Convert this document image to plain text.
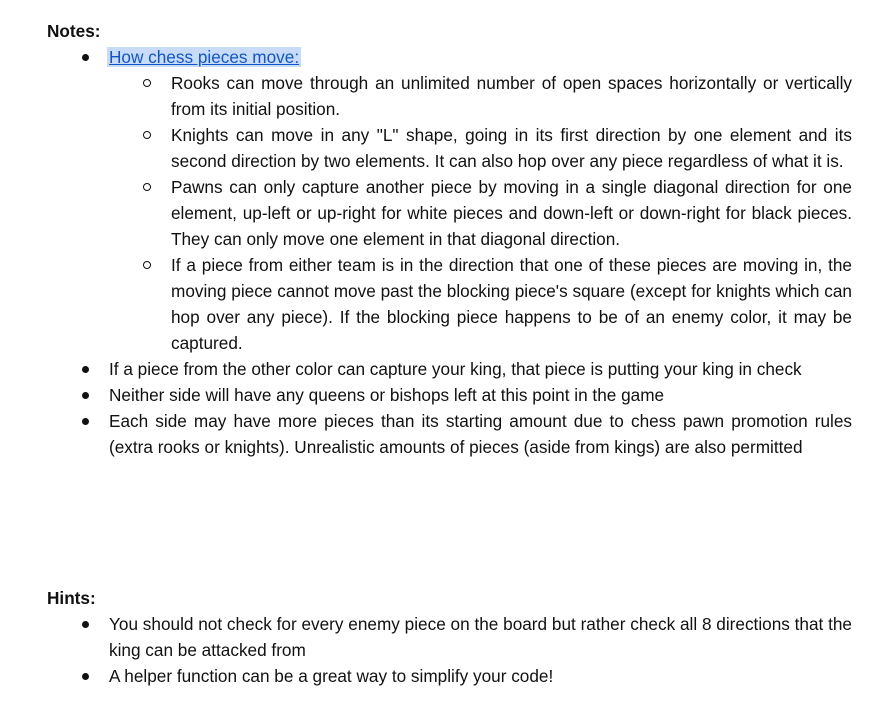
Notes:

How chess pieces move:
Rooks can move through an unlimited number of open spaces horizontally or vertically from its initial position.
Knights can move in any "L" shape, going in its first direction by one element and its second direction by two elements. It can also hop over any piece regardless of what it is.
Pawns can only capture another piece by moving in a single diagonal direction for one element, up-left or up-right for white pieces and down-left or down-right for black pieces. They can only move one element in that diagonal direction.
If a piece from either team is in the direction that one of these pieces are moving in, the moving piece cannot move past the blocking piece's square (except for knights which can hop over any piece). If the blocking piece happens to be of an enemy color, it may be captured.
If a piece from the other color can capture your king, that piece is putting your king in check
Neither side will have any queens or bishops left at this point in the game
Each side may have more pieces than its starting amount due to chess pawn promotion rules (extra rooks or knights). Unrealistic amounts of pieces (aside from kings) are also permitted

Hints:

You should not check for every enemy piece on the board but rather check all 8 directions that the king can be attacked from
A helper function can be a great way to simplify your code!
